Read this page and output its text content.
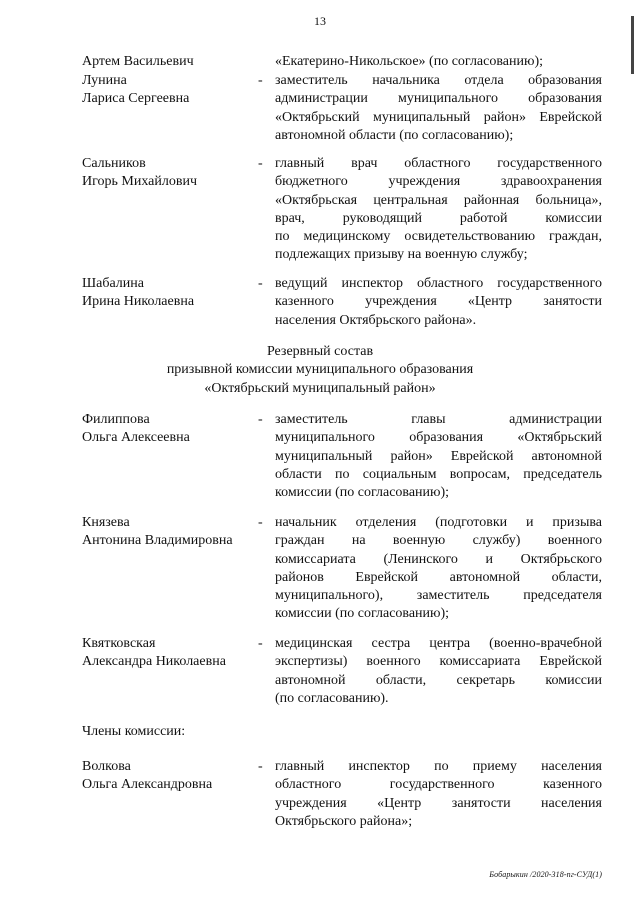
13
Артем Васильевич	«Екатерино-Никольское» (по согласованию);
Лунина
Лариса Сергеевна
- заместитель начальника отдела образования
администрации муниципального образования
«Октябрьский муниципальный район» Еврейской
автономной области (по согласованию);
Сальников
Игорь Михайлович
- главный врач областного государственного
бюджетного учреждения здравоохранения
«Октябрьская центральная районная больница»,
врач, руководящий работой комиссии
по медицинскому освидетельствованию граждан,
подлежащих призыву на военную службу;
Шабалина
Ирина Николаевна
- ведущий инспектор областного государственного
казенного учреждения «Центр занятости
населения Октябрьского района».
Резервный состав
призывной комиссии муниципального образования
«Октябрьский муниципальный район»
Филиппова
Ольга Алексеевна
- заместитель главы администрации
муниципального образования «Октябрьский
муниципальный район» Еврейской автономной
области по социальным вопросам, председатель
комиссии (по согласованию);
Князева
Антонина Владимировна
- начальник отделения (подготовки и призыва
граждан на военную службу) военного
комиссариата (Ленинского и Октябрьского
районов Еврейской автономной области,
муниципального), заместитель председателя
комиссии (по согласованию);
Квятковская
Александра Николаевна
- медицинская сестра центра (военно-врачебной
экспертизы) военного комиссариата Еврейской
автономной области, секретарь комиссии
(по согласованию).
Члены комиссии:
Волкова
Ольга Александровна
- главный инспектор по приему населения
областного государственного казенного
учреждения «Центр занятости населения
Октябрьского района»;
Бобарыкин /2020-318-пг-СУД(1)
